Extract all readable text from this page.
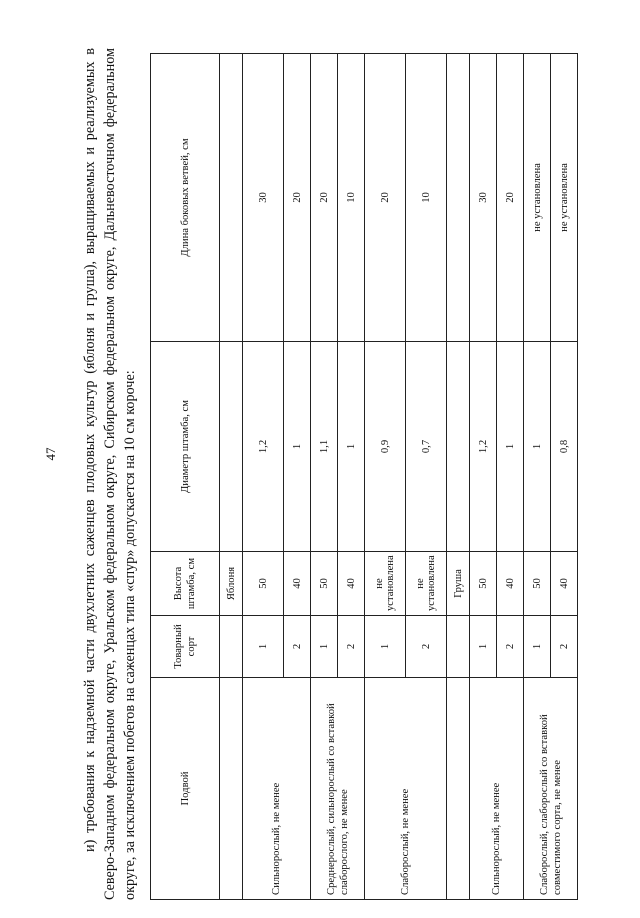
47 и) требования к надземной части двухлетних саженцев плодовых культур (яблоня и груша), выращиваемых и реализуемых в Северо-Западном федеральном округе, Уральском федеральном округе, Сибирском федеральном округе, Дальневосточном федеральном округе, за исключением побегов на саженцах типа «спур» допускается на 10 см короче:	Подвой	Товарный сорт	Высота штамба, см	Диаметр штамба, см	Длина боковых ветвей, см
		Яблоня		
Сильнорослый, не менее	1	50	1,2	30
	2	40	1	20
Среднерослый, сильнорослый со вставкой слаборослого, не менее	1	50	1,1	20
	2	40	1	10
Слаборослый, не менее	1	не установлена	0,9	20
	2	не установлена	0,7	10
		Груша		
Сильнорослый, не менее	1	50	1,2	30
	2	40	1	20
Слаборослый, слаборослый со вставкой совместимого сорта, не менее	1	50	1	не установлена
	2	40	0,8	не установлена
